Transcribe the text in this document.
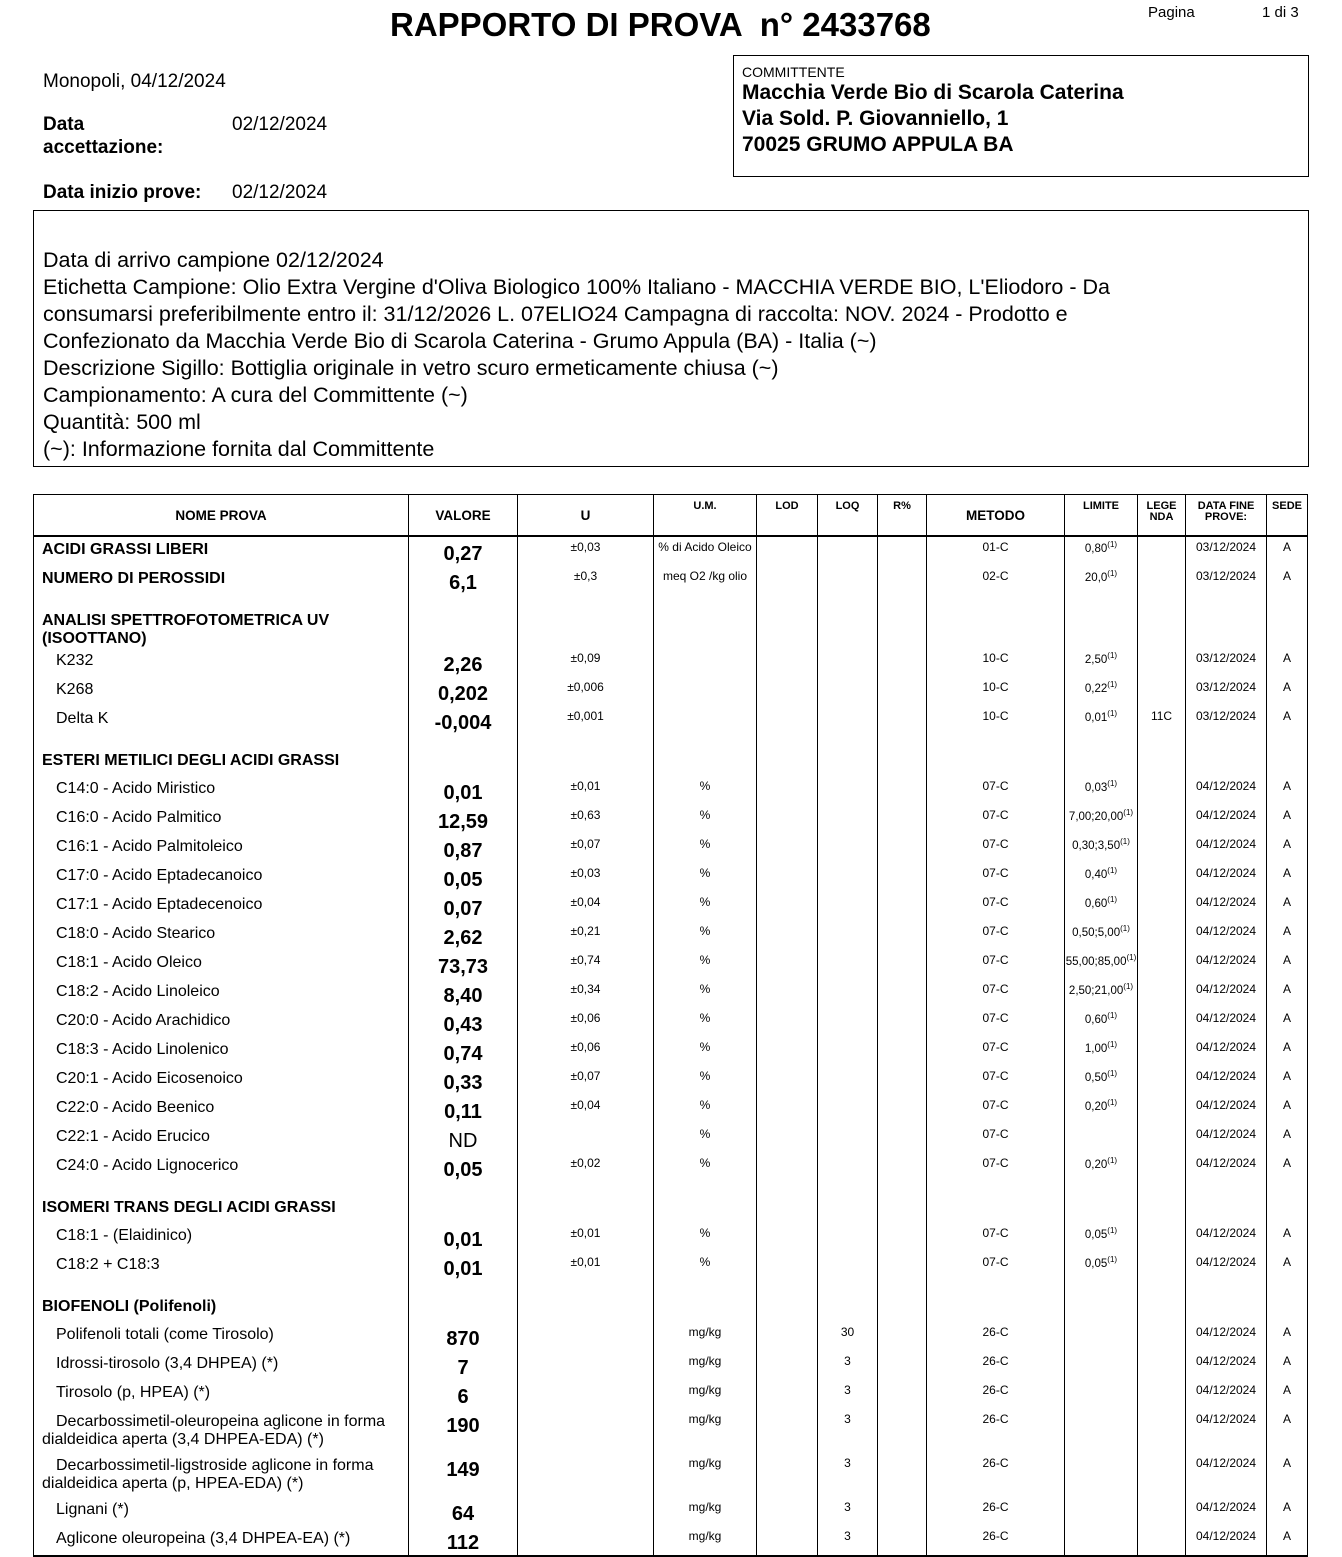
RAPPORTO DI PROVA  n° 2433768	Pagina	1 di 3
Monopoli, 04/12/2024
Data
accettazione:
02/12/2024
Data inizio prove: 02/12/2024
COMMITTENTE
Macchia Verde Bio di Scarola Caterina
Via Sold. P. Giovanniello, 1
70025 GRUMO APPULA BA
Data di arrivo campione 02/12/2024
Etichetta Campione: Olio Extra Vergine d'Oliva Biologico 100% Italiano - MACCHIA VERDE BIO, L'Eliodoro - Da
consumarsi preferibilmente entro il: 31/12/2026 L. 07ELIO24 Campagna di raccolta: NOV. 2024 - Prodotto e
Confezionato da Macchia Verde Bio di Scarola Caterina - Grumo Appula (BA) - Italia (~)
Descrizione Sigillo: Bottiglia originale in vetro scuro ermeticamente chiusa (~)
Campionamento: A cura del Committente (~)
Quantità: 500 ml
(~): Informazione fornita dal Committente
NOME PROVA	VALORE	U	U.M.	LOD	LOQ	R%	METODO	LIMITE	LEGE NDA	DATA FINE PROVE:	SEDE

ACIDI GRASSI LIBERI	0,27	±0,03	% di Acido Oleico				01-C	0,80$^{(1)}$		03/12/2024	A

NUMERO DI PEROSSIDI	6,1	±0,3	meq O2 /kg olio				02-C	20,0$^{(1)}$		03/12/2024	A

ANALISI SPETTROFOTOMETRICA UV (ISOOTTANO)											

K232	2,26	±0,09					10-C	2,50$^{(1)}$		03/12/2024	A

K268	0,202	±0,006					10-C	0,22$^{(1)}$		03/12/2024	A

Delta K	-0,004	±0,001					10-C	0,01$^{(1)}$	11C	03/12/2024	A

ESTERI METILICI DEGLI ACIDI GRASSI											

C14:0 - Acido Miristico	0,01	±0,01	%				07-C	0,03$^{(1)}$		04/12/2024	A

C16:0 - Acido Palmitico	12,59	±0,63	%				07-C	7,00;20,00$^{(1)}$		04/12/2024	A

C16:1 - Acido Palmitoleico	0,87	±0,07	%				07-C	0,30;3,50$^{(1)}$		04/12/2024	A

C17:0 - Acido Eptadecanoico	0,05	±0,03	%				07-C	0,40$^{(1)}$		04/12/2024	A

C17:1 - Acido Eptadecenoico	0,07	±0,04	%				07-C	0,60$^{(1)}$		04/12/2024	A

C18:0 - Acido Stearico	2,62	±0,21	%				07-C	0,50;5,00$^{(1)}$		04/12/2024	A

C18:1 - Acido Oleico	73,73	±0,74	%				07-C	55,00;85,00$^{(1)}$		04/12/2024	A

C18:2 - Acido Linoleico	8,40	±0,34	%				07-C	2,50;21,00$^{(1)}$		04/12/2024	A

C20:0 - Acido Arachidico	0,43	±0,06	%				07-C	0,60$^{(1)}$		04/12/2024	A

C18:3 - Acido Linolenico	0,74	±0,06	%				07-C	1,00$^{(1)}$		04/12/2024	A

C20:1 - Acido Eicosenoico	0,33	±0,07	%				07-C	0,50$^{(1)}$		04/12/2024	A

C22:0 - Acido Beenico	0,11	±0,04	%				07-C	0,20$^{(1)}$		04/12/2024	A

C22:1 - Acido Erucico	ND		%				07-C			04/12/2024	A

C24:0 - Acido Lignocerico	0,05	±0,02	%				07-C	0,20$^{(1)}$		04/12/2024	A

ISOMERI TRANS DEGLI ACIDI GRASSI											

C18:1 - (Elaidinico)	0,01	±0,01	%				07-C	0,05$^{(1)}$		04/12/2024	A

C18:2 + C18:3	0,01	±0,01	%				07-C	0,05$^{(1)}$		04/12/2024	A

BIOFENOLI (Polifenoli)											

Polifenoli totali (come Tirosolo)	870		mg/kg		30		26-C			04/12/2024	A

Idrossi-tirosolo (3,4 DHPEA) (*)	7		mg/kg		3		26-C			04/12/2024	A

Tirosolo (p, HPEA) (*)	6		mg/kg		3		26-C			04/12/2024	A

Decarbossimetil-oleuropeina aglicone in forma
dialdeidica aperta (3,4 DHPEA-EDA) (*)	190		mg/kg		3		26-C			04/12/2024	A

Decarbossimetil-ligstroside aglicone in forma
dialdeidica aperta (p, HPEA-EDA) (*)	149		mg/kg		3		26-C			04/12/2024	A

Lignani (*)	64		mg/kg		3		26-C			04/12/2024	A

Aglicone oleuropeina (3,4 DHPEA-EA) (*)	112		mg/kg		3		26-C			04/12/2024	A
